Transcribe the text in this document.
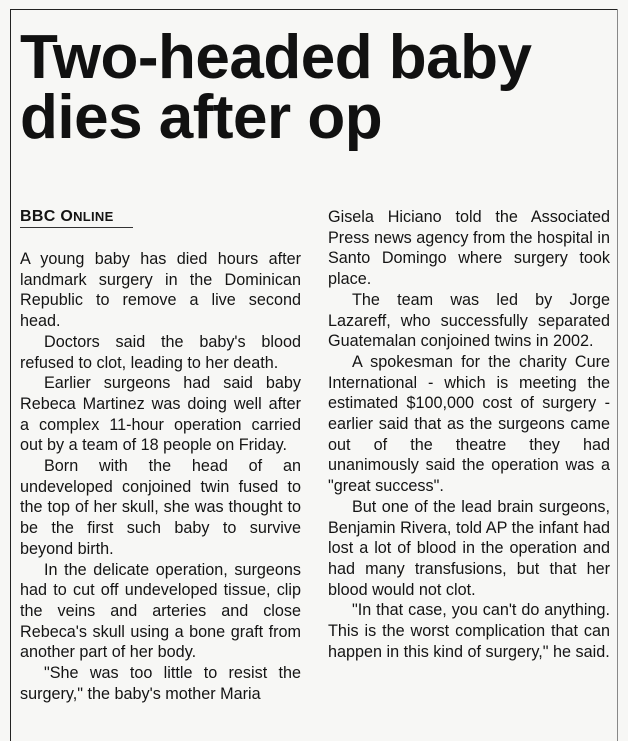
Two-headed baby
dies after op
BBC ONLINE

A young baby has died hours after landmark surgery in the Dominican Republic to remove a live second head.

Doctors said the baby's blood refused to clot, leading to her death.

Earlier surgeons had said baby Rebeca Martinez was doing well after a complex 11-hour operation carried out by a team of 18 people on Friday.

Born with the head of an undeveloped conjoined twin fused to the top of her skull, she was thought to be the first such baby to survive beyond birth.

In the delicate operation, surgeons had to cut off undeveloped tissue, clip the veins and arteries and close Rebeca's skull using a bone graft from another part of her body.

"She was too little to resist the surgery," the baby's mother Maria

Gisela Hiciano told the Associated Press news agency from the hospital in Santo Domingo where surgery took place.

The team was led by Jorge Lazareff, who successfully separated Guatemalan conjoined twins in 2002.

A spokesman for the charity Cure International - which is meeting the estimated $100,000 cost of surgery - earlier said that as the surgeons came out of the theatre they had unanimously said the operation was a "great success".

But one of the lead brain surgeons, Benjamin Rivera, told AP the infant had lost a lot of blood in the operation and had many transfusions, but that her blood would not clot.

"In that case, you can't do anything. This is the worst complication that can happen in this kind of surgery," he said.
